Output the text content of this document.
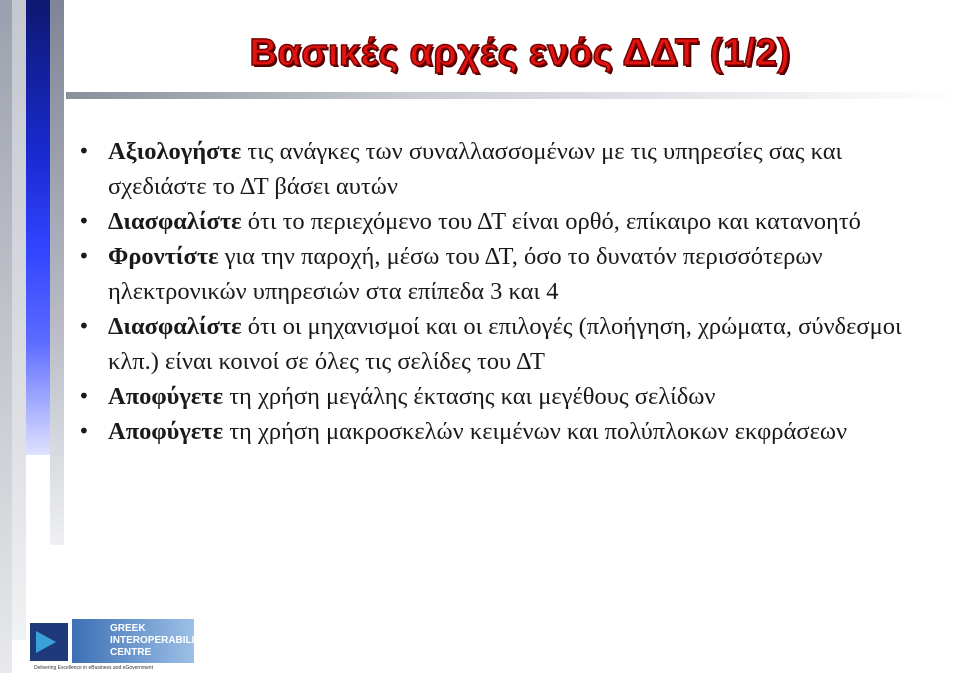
Βασικές αρχές ενός ΔΔΤ (1/2)
• Αξιολογήστε τις ανάγκες των συναλλασσομένων με τις υπηρεσίες σας και σχεδιάστε το ΔΤ βάσει αυτών
• Διασφαλίστε ότι το περιεχόμενο του ΔΤ είναι ορθό, επίκαιρο και κατανοητό
• Φροντίστε για την παροχή, μέσω του ΔΤ, όσο το δυνατόν περισσότερων ηλεκτρονικών υπηρεσιών στα επίπεδα 3 και 4
• Διασφαλίστε ότι οι μηχανισμοί και οι επιλογές (πλοήγηση, χρώματα, σύνδεσμοι κλπ.) είναι κοινοί σε όλες τις σελίδες του ΔΤ
• Αποφύγετε τη χρήση μεγάλης έκτασης και μεγέθους σελίδων
• Αποφύγετε τη χρήση μακροσκελών κειμένων και πολύπλοκων εκφράσεων
GREEK
INTEROPERABILITY
CENTRE
Delivering Excellence in eBusiness and eGovernment
